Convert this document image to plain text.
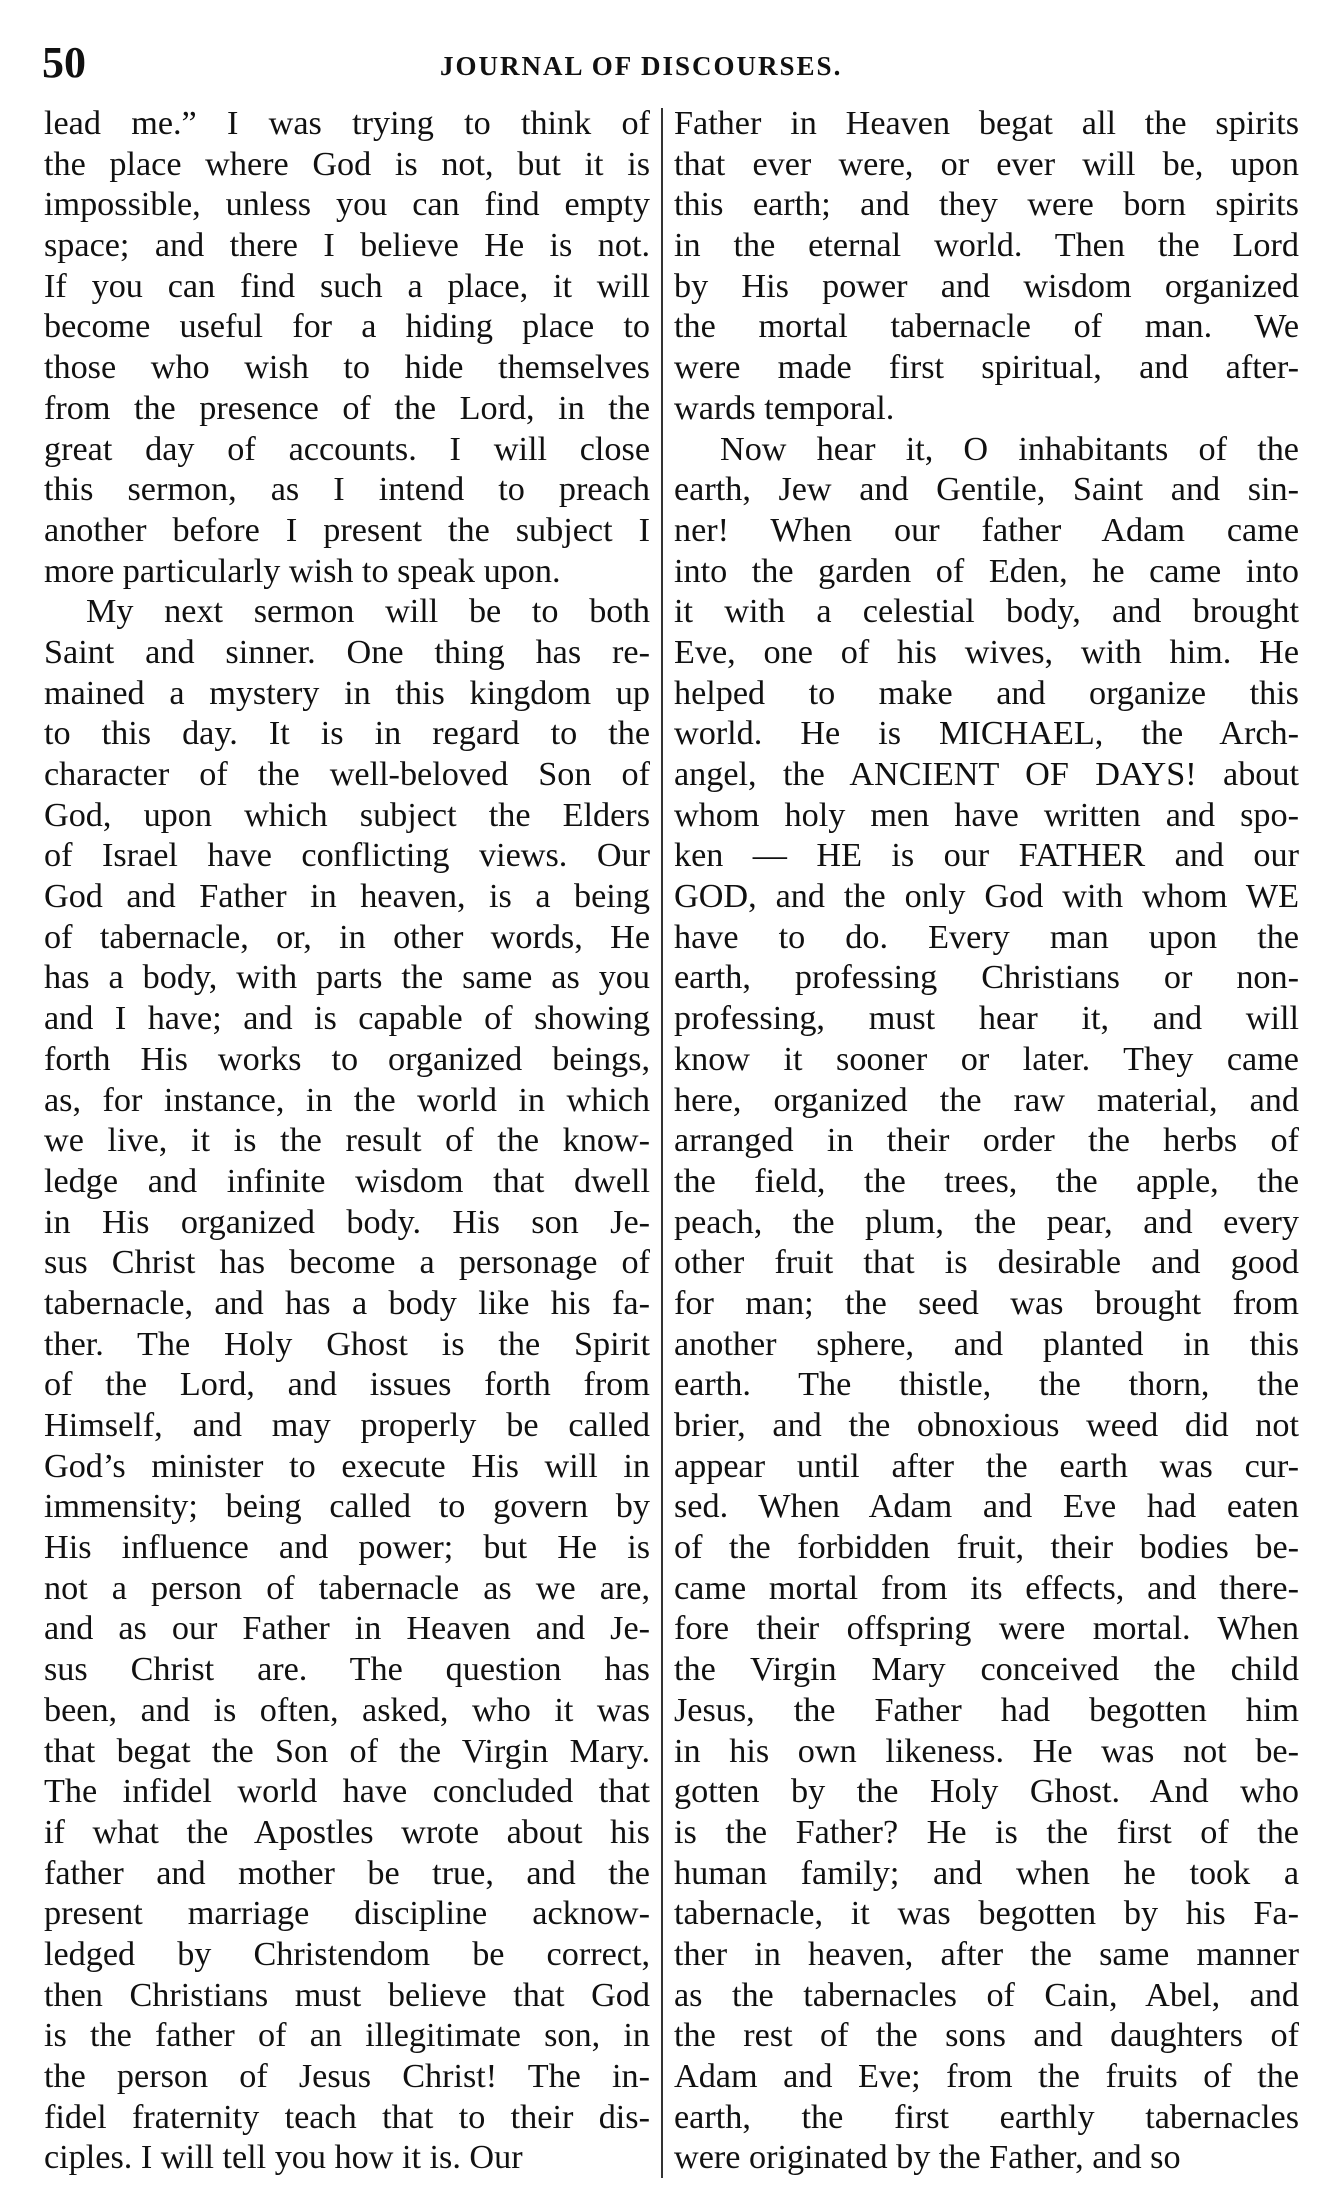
50	JOURNAL OF DISCOURSES.
lead me.” I was trying to think of
the place where God is not, but it is
impossible, unless you can find empty
space; and there I believe He is not.
If you can find such a place, it will
become useful for a hiding place to
those who wish to hide themselves
from the presence of the Lord, in the
great day of accounts. I will close
this sermon, as I intend to preach
another before I present the subject I
more particularly wish to speak upon.
My next sermon will be to both
Saint and sinner. One thing has re-
mained a mystery in this kingdom up
to this day. It is in regard to the
character of the well-beloved Son of
God, upon which subject the Elders
of Israel have conflicting views. Our
God and Father in heaven, is a being
of tabernacle, or, in other words, He
has a body, with parts the same as you
and I have; and is capable of showing
forth His works to organized beings,
as, for instance, in the world in which
we live, it is the result of the know-
ledge and infinite wisdom that dwell
in His organized body. His son Je-
sus Christ has become a personage of
tabernacle, and has a body like his fa-
ther. The Holy Ghost is the Spirit
of the Lord, and issues forth from
Himself, and may properly be called
God’s minister to execute His will in
immensity; being called to govern by
His influence and power; but He is
not a person of tabernacle as we are,
and as our Father in Heaven and Je-
sus Christ are. The question has
been, and is often, asked, who it was
that begat the Son of the Virgin Mary.
The infidel world have concluded that
if what the Apostles wrote about his
father and mother be true, and the
present marriage discipline acknow-
ledged by Christendom be correct,
then Christians must believe that God
is the father of an illegitimate son, in
the person of Jesus Christ! The in-
fidel fraternity teach that to their dis-
ciples. I will tell you how it is. Our
Father in Heaven begat all the spirits
that ever were, or ever will be, upon
this earth; and they were born spirits
in the eternal world. Then the Lord
by His power and wisdom organized
the mortal tabernacle of man. We
were made first spiritual, and after-
wards temporal.
Now hear it, O inhabitants of the
earth, Jew and Gentile, Saint and sin-
ner! When our father Adam came
into the garden of Eden, he came into
it with a celestial body, and brought
Eve, one of his wives, with him. He
helped to make and organize this
world. He is MICHAEL, the Arch-
angel, the ANCIENT OF DAYS! about
whom holy men have written and spo-
ken — HE is our FATHER and our
GOD, and the only God with whom WE
have to do. Every man upon the
earth, professing Christians or non-
professing, must hear it, and will
know it sooner or later. They came
here, organized the raw material, and
arranged in their order the herbs of
the field, the trees, the apple, the
peach, the plum, the pear, and every
other fruit that is desirable and good
for man; the seed was brought from
another sphere, and planted in this
earth. The thistle, the thorn, the
brier, and the obnoxious weed did not
appear until after the earth was cur-
sed. When Adam and Eve had eaten
of the forbidden fruit, their bodies be-
came mortal from its effects, and there-
fore their offspring were mortal. When
the Virgin Mary conceived the child
Jesus, the Father had begotten him
in his own likeness. He was not be-
gotten by the Holy Ghost. And who
is the Father? He is the first of the
human family; and when he took a
tabernacle, it was begotten by his Fa-
ther in heaven, after the same manner
as the tabernacles of Cain, Abel, and
the rest of the sons and daughters of
Adam and Eve; from the fruits of the
earth, the first earthly tabernacles
were originated by the Father, and so
